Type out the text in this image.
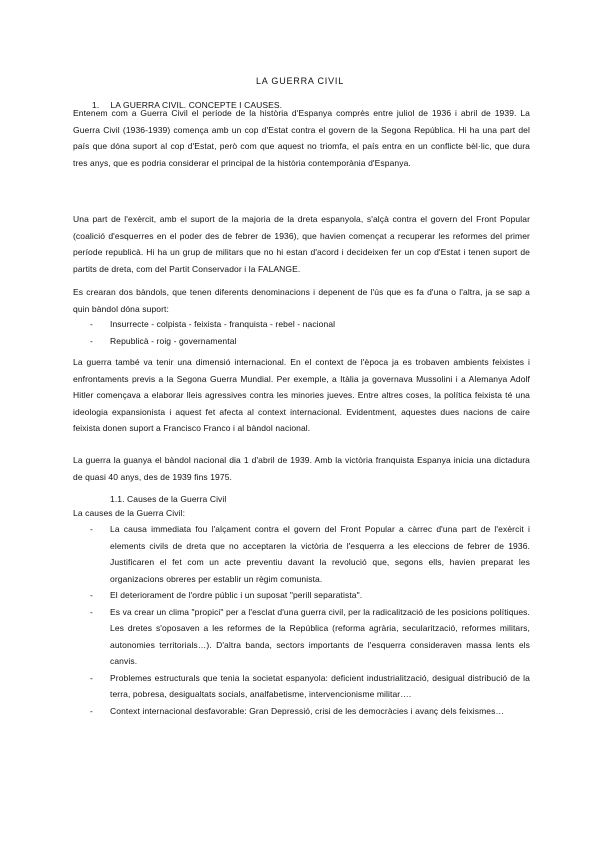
LA GUERRA CIVIL
1. LA GUERRA CIVIL. CONCEPTE I CAUSES.

Entenem com a Guerra Civil el període de la història d'Espanya comprès entre juliol de 1936 i abril de 1939. La Guerra Civil (1936-1939) comença amb un cop d'Estat contra el govern de la Segona República. Hi ha una part del país que dóna suport al cop d'Estat, però com que aquest no triomfa, el país entra en un conflicte bèl·lic, que dura tres anys, que es podria considerar el principal de la història contemporània d'Espanya.

Una part de l'exèrcit, amb el suport de la majoria de la dreta espanyola, s'alçà contra el govern del Front Popular (coalició d'esquerres en el poder des de febrer de 1936), que havien començat a recuperar les reformes del primer període republicà. Hi ha un grup de militars que no hi estan d'acord i decideixen fer un cop d'Estat i tenen suport de partits de dreta, com del Partit Conservador i la FALANGE.

Es crearan dos bàndols, que tenen diferents denominacions i depenent de l'ús que es fa d'una o l'altra, ja se sap a quin bàndol dóna suport:

- Insurrecte - colpista - feixista - franquista - rebel - nacional
- Republicà - roig - governamental

La guerra també va tenir una dimensió internacional. En el context de l'època ja es trobaven ambients feixistes i enfrontaments previs a la Segona Guerra Mundial. Per exemple, a Itàlia ja governava Mussolini i a Alemanya Adolf Hitler començava a elaborar lleis agressives contra les minories jueves. Entre altres coses, la política feixista té una ideologia expansionista i aquest fet afecta al context internacional. Evidentment, aquestes dues nacions de caire feixista donen suport a Francisco Franco i al bàndol nacional.

La guerra la guanya el bàndol nacional dia 1 d'abril de 1939. Amb la victòria franquista Espanya inicia una dictadura de quasi 40 anys, des de 1939 fins 1975.

1.1. Causes de la Guerra Civil

La causes de la Guerra Civil:

- La causa immediata fou l'alçament contra el govern del Front Popular a càrrec d'una part de l'exèrcit i elements civils de dreta que no acceptaren la victòria de l'esquerra a les eleccions de febrer de 1936. Justificaren el fet com un acte preventiu davant la revolució que, segons ells, havien preparat les organizacions obreres per establir un règim comunista.
- El deteriorament de l'ordre públic i un suposat "perill separatista".
- Es va crear un clima "propici" per a l'esclat d'una guerra civil, per la radicalització de les posicions polítiques. Les dretes s'oposaven a les reformes de la República (reforma agrària, secularització, reformes militars, autonomies territorials…). D'altra banda, sectors importants de l'esquerra consideraven massa lents els canvis.
- Problemes estructurals que tenia la societat espanyola: deficient industrialització, desigual distribució de la terra, pobresa, desigualtats socials, analfabetisme, intervencionisme militar….
- Context internacional desfavorable: Gran Depressió, crisi de les democràcies i avanç dels feixismes…
